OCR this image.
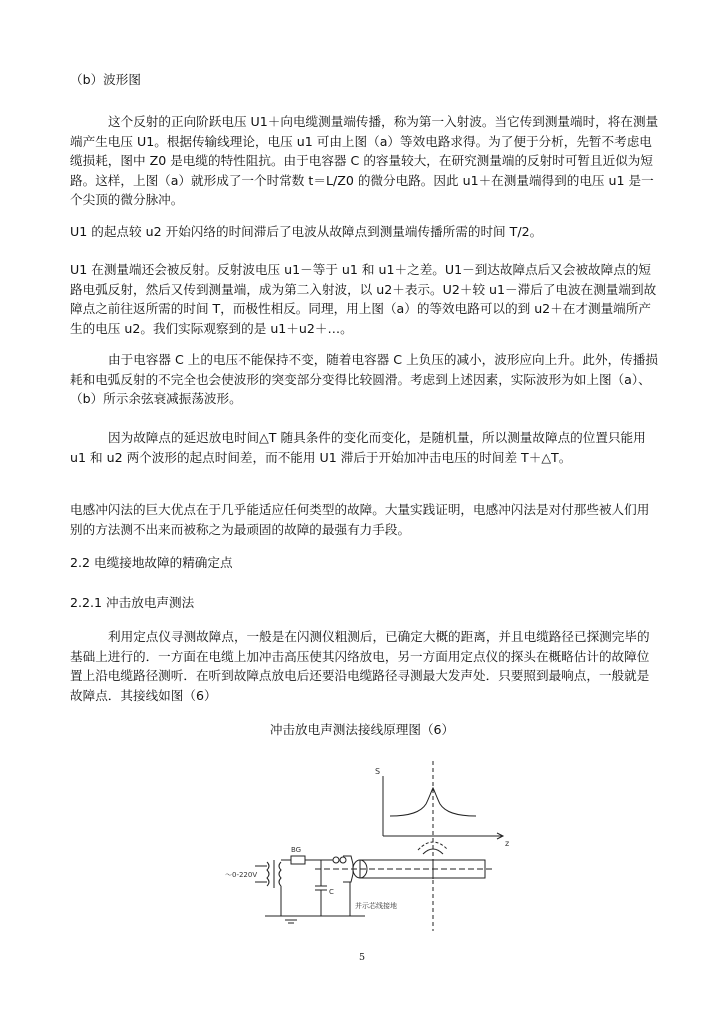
（b）波形图

这个反射的正向阶跃电压 U1＋向电缆测量端传播，称为第一入射波。当它传到测量端时，将在测量端产生电压 U1。根据传输线理论，电压 u1 可由上图（a）等效电路求得。为了便于分析，先暂不考虑电缆损耗，图中 Z0 是电缆的特性阻抗。由于电容器 C 的容量较大，在研究测量端的反射时可暂且近似为短路。这样，上图（a）就形成了一个时常数 t＝L/Z0 的微分电路。因此 u1＋在测量端得到的电压 u1 是一个尖顶的微分脉冲。

U1 的起点较 u2 开始闪络的时间滞后了电波从故障点到测量端传播所需的时间 T/2。

U1 在测量端还会被反射。反射波电压 u1－等于 u1 和 u1＋之差。U1－到达故障点后又会被故障点的短路电弧反射，然后又传到测量端，成为第二入射波，以 u2＋表示。U2＋较 u1－滞后了电波在测量端到故障点之前往返所需的时间 T，而极性相反。同理，用上图（a）的等效电路可以的到 u2＋在才测量端所产生的电压 u2。我们实际观察到的是 u1＋u2＋…。

由于电容器 C 上的电压不能保持不变，随着电容器 C 上负压的减小，波形应向上升。此外，传播损耗和电弧反射的不完全也会使波形的突变部分变得比较圆滑。考虑到上述因素，实际波形为如上图（a）、（b）所示余弦衰减振荡波形。

因为故障点的延迟放电时间△T 随具条件的变化而变化，是随机量，所以测量故障点的位置只能用 u1 和 u2 两个波形的起点时间差，而不能用 U1 滞后于开始加冲击电压的时间差 T＋△T。

电感冲闪法的巨大优点在于几乎能适应任何类型的故障。大量实践证明，电感冲闪法是对付那些被人们用别的方法测不出来而被称之为最顽固的故障的最强有力手段。

2.2 电缆接地故障的精确定点

2.2.1 冲击放电声测法

利用定点仪寻测故障点，一般是在闪测仪粗测后，已确定大概的距离，并且电缆路径已探测完毕的基础上进行的．一方面在电缆上加冲击高压使其闪络放电，另一方面用定点仪的探头在概略估计的故障位置上沿电缆路径测听．在听到故障点放电后还要沿电缆路径寻测最大发声处．只要照到最响点，一般就是故障点．其接线如图（6）

冲击放电声测法接线原理图（6）
S
z
BG
C
～0-220V
并示芯线接地
5
